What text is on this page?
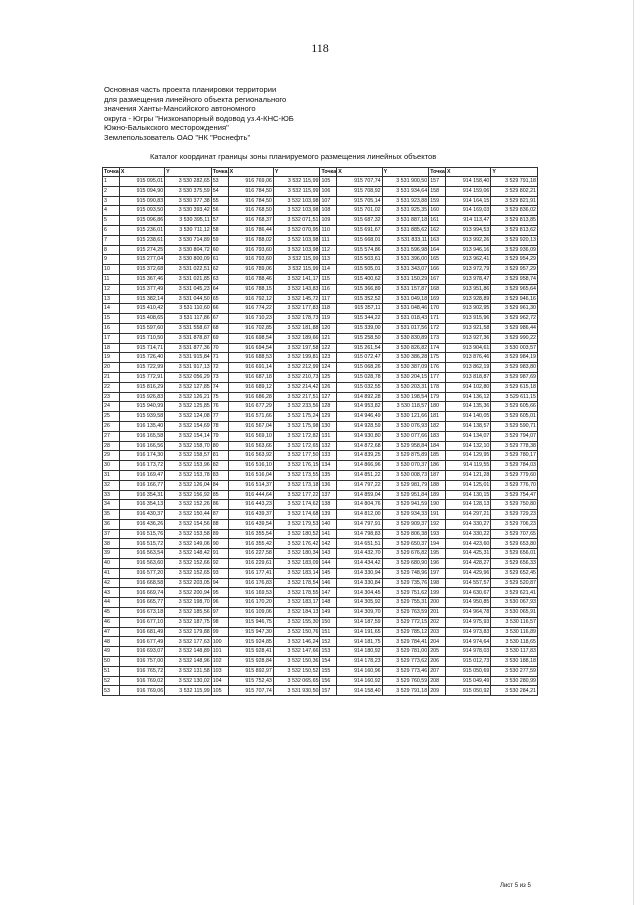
118
Основная часть проекта планировки территории
для размещения линейного объекта регионального
значения Ханты-Мансийского автономного
округа - Югры "Низконапорный водовод уз.4-КНС-ЮБ
Южно-Балыкского месторождения"
Землепользователь ОАО "НК "Роснефть"
Каталог координат границы зоны планируемого размещения линейных объектов
Точка	X	Y	Точка	X	Y	Точка	X	Y	Точка	X	Y
1	915 095,01	3 530 282,65	53	916 769,06	3 532 115,99	105	915 707,74	3 531 900,50	157	914 158,40	3 529 791,18
2	915 094,90	3 530 375,59	54	916 784,50	3 532 115,99	106	915 708,92	3 531 934,64	158	914 159,06	3 529 802,21
3	915 090,83	3 530 377,38	55	916 784,50	3 532 103,98	107	915 705,14	3 531 923,88	159	914 164,15	3 529 821,91
4	915 093,50	3 530 393,42	56	916 768,50	3 532 103,98	108	915 701,02	3 531 925,35	160	914 169,03	3 529 836,02
5	915 096,86	3 530 395,11	57	916 768,37	3 532 071,51	109	915 687,32	3 531 887,18	161	914 113,47	3 529 813,85
6	915 236,01	3 530 711,12	58	916 786,44	3 532 070,95	110	915 691,67	3 531 885,62	162	913 994,53	3 529 813,62
7	915 238,61	3 530 714,89	59	916 788,02	3 532 103,98	111	915 668,01	3 531 833,11	163	913 992,26	3 529 920,13
8	915 274,25	3 530 804,72	60	916 793,60	3 532 103,98	112	915 574,86	3 531 596,98	164	913 946,16	3 529 936,09
9	915 277,04	3 530 800,09	61	916 793,60	3 532 115,99	113	915 503,61	3 531 396,00	165	913 962,41	3 529 954,29
10	915 372,68	3 531 022,51	62	916 789,06	3 532 115,99	114	915 505,01	3 531 343,07	166	913 972,79	3 529 957,29
11	915 367,46	3 531 021,85	63	916 788,46	3 532 141,17	115	915 400,62	3 531 150,29	167	913 978,47	3 529 958,74
12	915 377,49	3 531 045,23	64	916 788,15	3 532 143,83	116	915 366,89	3 531 157,87	168	913 951,86	3 529 965,64
13	915 382,14	3 531 044,50	65	916 792,12	3 532 145,72	117	915 352,52	3 531 049,18	169	913 928,89	3 529 946,16
14	915 410,42	3 531 110,60	66	916 774,22	3 532 177,83	118	915 357,11	3 531 048,46	170	913 902,95	3 529 961,30
15	915 408,65	3 531 117,86	67	916 710,23	3 532 178,73	119	915 344,22	3 531 018,43	171	913 915,96	3 529 962,72
16	915 597,60	3 531 558,67	68	916 702,85	3 532 181,88	120	915 339,00	3 531 017,56	172	913 921,58	3 529 986,44
17	915 710,50	3 531 878,87	69	916 698,54	3 532 189,66	121	915 258,50	3 530 830,89	173	913 927,36	3 529 990,22
18	915 714,71	3 531 877,36	70	916 694,54	3 532 197,58	122	915 261,54	3 530 826,82	174	913 904,61	3 530 003,57
19	915 726,40	3 531 915,84	71	916 688,53	3 532 199,81	123	915 072,47	3 530 386,28	175	913 876,46	3 529 984,19
20	915 722,99	3 531 917,13	72	916 691,14	3 532 212,99	124	915 068,26	3 530 387,09	176	913 862,19	3 529 983,80
21	915 772,91	3 532 056,29	73	916 687,18	3 532 210,73	125	915 028,78	3 530 204,15	177	913 818,87	3 529 987,69
22	915 816,29	3 532 127,85	74	916 689,12	3 532 214,42	126	915 032,55	3 530 203,31	178	914 102,80	3 529 615,18
23	915 926,83	3 532 126,21	75	916 686,28	3 532 217,51	127	914 892,28	3 530 198,54	179	914 136,12	3 529 611,15
24	915 940,99	3 532 125,85	76	916 677,29	3 532 233,56	128	914 953,82	3 530 118,57	180	914 135,36	3 529 605,66
25	915 939,58	3 532 124,08	77	916 571,66	3 532 175,24	129	914 946,49	3 530 121,66	181	914 140,05	3 529 605,01
26	916 135,40	3 532 154,69	78	916 567,04	3 532 175,98	130	914 928,59	3 530 076,93	182	914 138,57	3 529 590,71
27	916 165,58	3 532 154,14	79	916 569,10	3 532 172,82	131	914 930,80	3 530 077,66	183	914 134,07	3 529 794,07
28	916 166,56	3 532 158,70	80	916 563,66	3 532 172,65	132	914 872,68	3 529 958,84	184	914 132,10	3 529 778,38
29	916 174,30	3 532 158,57	81	916 563,92	3 532 177,50	133	914 839,25	3 529 875,89	185	914 129,95	3 529 780,17
30	916 173,72	3 532 153,96	82	916 516,10	3 532 176,15	134	914 866,96	3 530 070,37	186	914 119,55	3 529 784,03
31	916 169,47	3 532 153,78	83	916 516,04	3 532 173,55	135	914 851,22	3 530 008,73	187	914 121,28	3 529 779,60
32	916 166,77	3 532 126,04	84	916 514,37	3 532 173,18	136	914 797,22	3 529 981,79	188	914 125,01	3 529 776,70
33	916 354,31	3 532 156,92	85	916 444,64	3 532 177,22	137	914 859,04	3 529 951,84	189	914 130,15	3 529 754,47
34	916 354,13	3 532 152,26	86	916 443,23	3 532 174,62	138	914 804,76	3 529 941,59	190	914 128,13	3 529 750,80
35	916 430,37	3 532 150,44	87	916 439,37	3 532 174,68	139	914 812,00	3 529 934,33	191	914 297,21	3 529 729,23
36	916 436,26	3 532 154,56	88	916 439,54	3 532 179,53	140	914 797,91	3 529 909,37	192	914 330,27	3 529 706,23
37	916 515,76	3 532 153,58	89	916 355,54	3 532 180,52	141	914 798,83	3 529 806,38	193	914 330,22	3 529 707,65
38	916 515,72	3 532 149,06	90	916 355,42	3 532 176,42	142	914 651,51	3 529 650,37	194	914 423,60	3 529 653,80
39	916 563,54	3 532 148,42	91	916 227,58	3 532 180,34	143	914 432,70	3 529 676,82	195	914 425,31	3 529 656,01
40	916 563,60	3 532 152,66	92	916 229,61	3 532 183,09	144	914 434,42	3 529 680,90	196	914 428,27	3 529 656,33
41	916 577,20	3 532 152,65	93	916 177,41	3 532 183,14	145	914 330,94	3 529 748,96	197	914 429,96	3 529 652,45
42	916 668,58	3 532 203,05	94	916 176,83	3 532 178,54	146	914 330,84	3 529 735,76	198	914 557,57	3 529 520,87
43	916 669,74	3 532 200,94	95	916 169,53	3 532 178,55	147	914 304,45	3 529 751,62	199	914 630,67	3 529 621,41
44	916 665,77	3 532 198,70	96	916 170,20	3 532 183,17	148	914 305,92	3 529 755,31	200	914 950,85	3 530 067,93
45	916 673,18	3 532 185,56	97	916 109,06	3 532 184,13	149	914 309,70	3 529 763,59	201	914 964,78	3 530 065,91
46	916 677,10	3 532 187,75	98	915 946,75	3 532 155,30	150	914 187,59	3 529 772,15	202	914 975,93	3 530 116,57
47	916 681,49	3 532 179,88	99	915 947,30	3 532 150,76	151	914 191,65	3 529 785,12	203	914 973,83	3 530 116,89
48	916 677,49	3 532 177,63	100	915 924,85	3 532 146,24	152	914 181,75	3 529 784,41	204	914 974,64	3 530 118,65
49	916 693,07	3 532 148,89	101	915 928,41	3 532 147,66	153	914 180,92	3 529 781,00	205	914 978,03	3 530 117,83
50	916 757,00	3 532 148,96	102	915 928,84	3 532 150,36	154	914 178,23	3 529 773,62	206	915 012,73	3 530 188,18
51	916 765,72	3 532 131,58	103	915 892,97	3 532 150,52	155	914 160,96	3 529 773,46	207	915 050,69	3 530 277,59
52	916 769,02	3 532 130,02	104	915 752,43	3 532 065,65	156	914 160,92	3 529 760,59	208	915 049,49	3 530 280,99
53	916 769,06	3 532 115,99	105	915 707,74	3 531 930,50	157	914 158,40	3 529 791,18	209	915 050,92	3 530 284,21
Лист 5 из 5
